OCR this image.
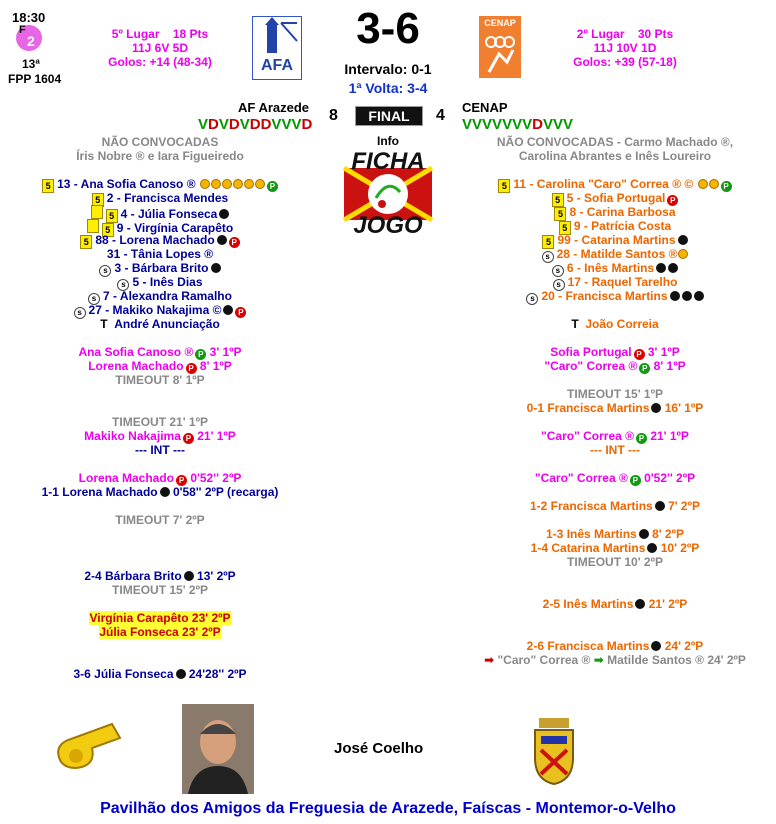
18:30
F
2
13ª
FPP 1604
5º Lugar 18 Pts
11J 6V 5D
Golos: +14 (48-34)	AFA
3-6
Intervalo: 0-1
1ª Volta: 3-4
CENAP
2º Lugar 30 Pts
11J 10V 1D
Golos: +39 (57-18)
AF Arazede 8	FINAL	4 CENAP
VDVDVDDVVVD	VVVVVVVDVVV
Info
FICHA
JOGO
NÃO CONVOCADAS
Íris Nobre ® e Iara Figueiredo
NÃO CONVOCADAS - Carmo Machado ®,
Carolina Abrantes e Inês Loureiro
5 13 - Ana Sofia Canoso ®	P
5 2 - Francisca Mendes
5 4 - Júlia Fonseca
5 9 - Virgínia Carapêto
5 88 - Lorena Machado P
31 - Tânia Lopes ®
s 3 - Bárbara Brito
s 5 - Inês Dias
s 7 - Alexandra Ramalho
s 27 - Makiko Nakajima © P
T André Anunciação
5 11 - Carolina "Caro" Correa ® ©	P
5 5 - Sofia Portugal P
5 8 - Carina Barbosa
5 9 - Patrícia Costa
5 99 - Catarina Martins
s 28 - Matilde Santos ®
s 6 - Inês Martins
s 17 - Raquel Tarelho
s 20 - Francisca Martins
T João Correia
Ana Sofia Canoso ® P 3' 1ºP
Lorena Machado P 8' 1ºP
TIMEOUT 8' 1ºP
TIMEOUT 21' 1ºP
Makiko Nakajima P 21' 1ºP
--- INT ---
Lorena Machado P 0'52'' 2ºP
1-1 Lorena Machado 0'58'' 2ºP (recarga)
TIMEOUT 7' 2ºP
2-4 Bárbara Brito 13' 2ºP
TIMEOUT 15' 2ºP
Virgínia Carapêto 23' 2ºP
Júlia Fonseca 23' 2ºP
3-6 Júlia Fonseca 24'28'' 2ºP
Sofia Portugal P 3' 1ºP
"Caro" Correa ® P 8' 1ºP
TIMEOUT 15' 1ºP
0-1 Francisca Martins 16' 1ºP
"Caro" Correa ® P 21' 1ºP
--- INT ---
"Caro" Correa ® P 0'52'' 2ºP
1-2 Francisca Martins 7' 2ºP
1-3 Inês Martins 8' 2ºP
1-4 Catarina Martins 10' 2ºP
TIMEOUT 10' 2ºP
2-5 Inês Martins 21' 2ºP
2-6 Francisca Martins 24' 2ºP
➡ "Caro" Correa ® ➡ Matilde Santos ® 24' 2ºP
José Coelho
Pavilhão dos Amigos da Freguesia de Arazede, Faíscas - Montemor-o-Velho
